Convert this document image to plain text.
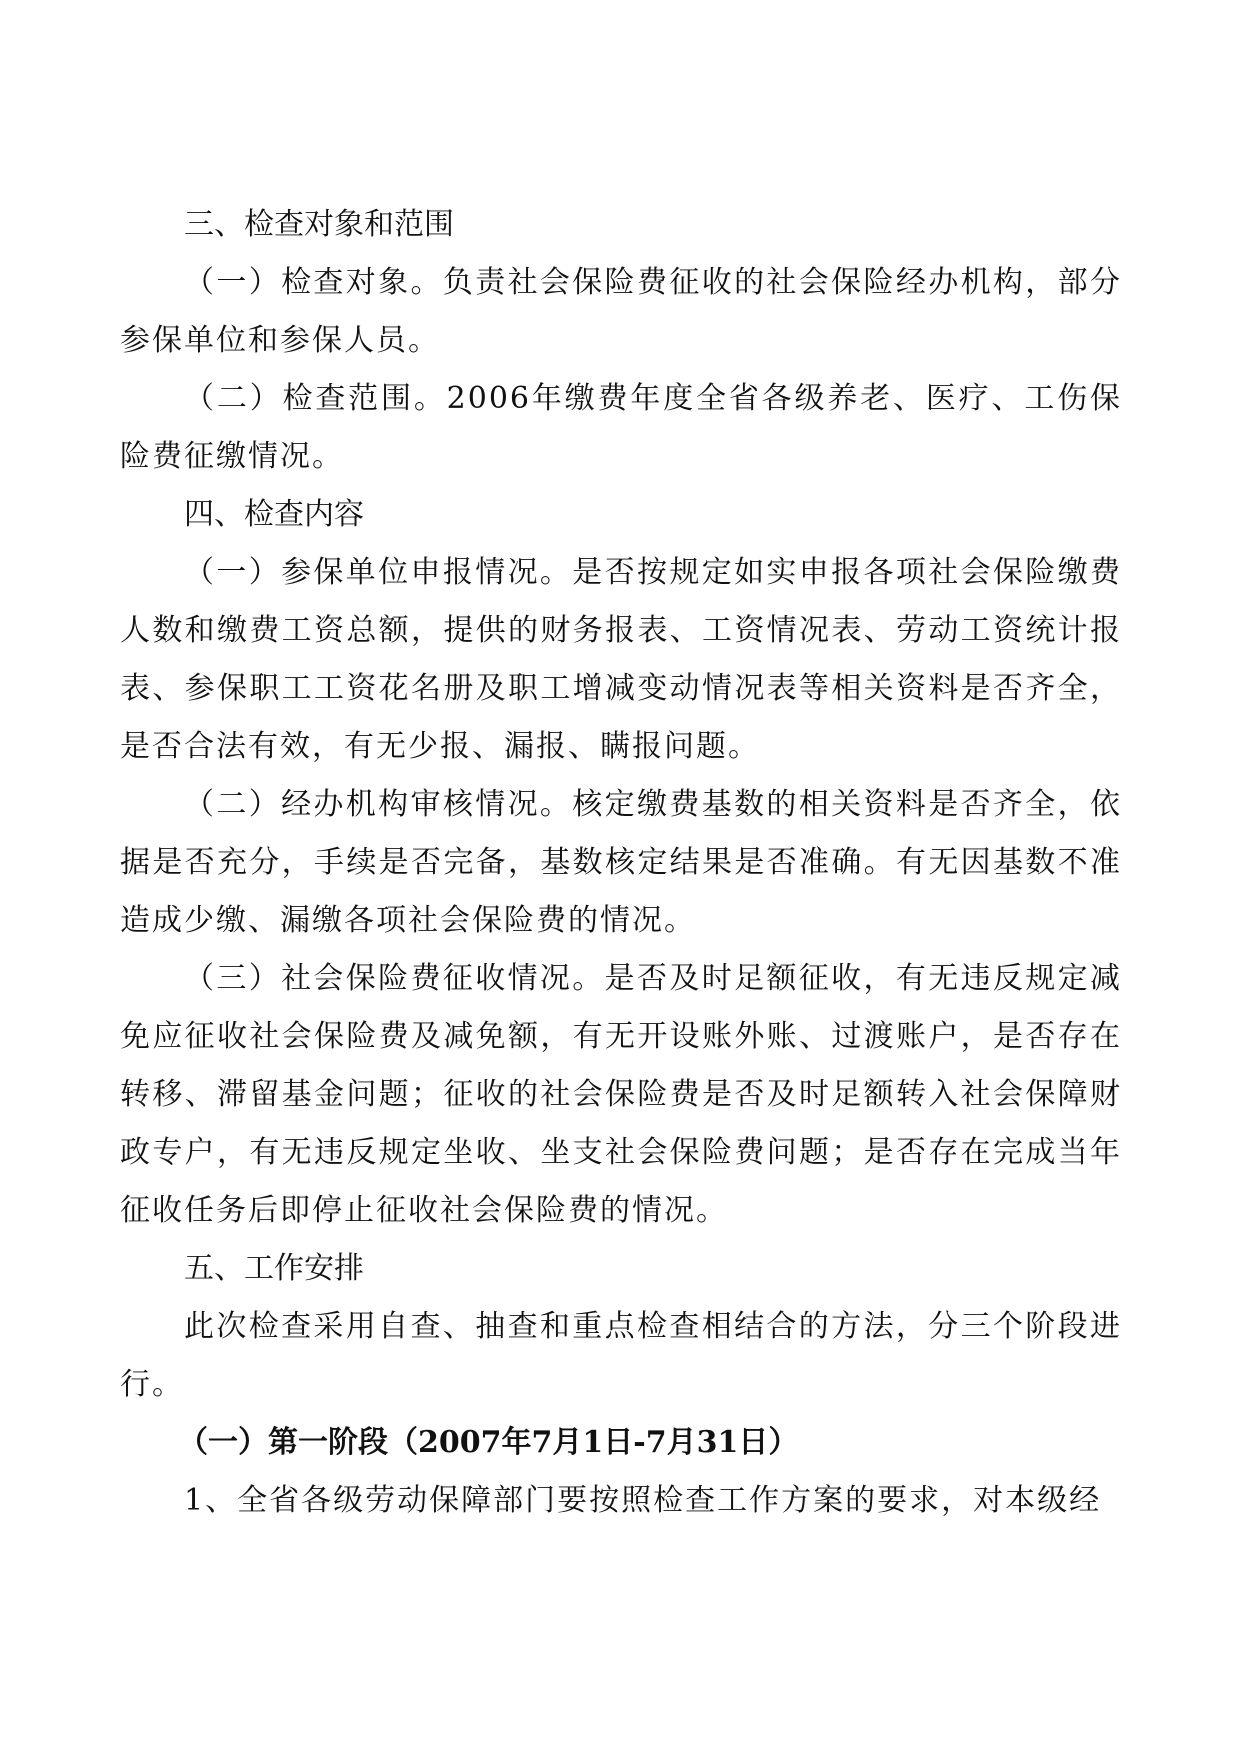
三、检查对象和范围

（一）检查对象。负责社会保险费征收的社会保险经办机构，部分参保单位和参保人员。

（二）检查范围。2006年缴费年度全省各级养老、医疗、工伤保险费征缴情况。

四、检查内容

（一）参保单位申报情况。是否按规定如实申报各项社会保险缴费人数和缴费工资总额，提供的财务报表、工资情况表、劳动工资统计报表、参保职工工资花名册及职工增减变动情况表等相关资料是否齐全，是否合法有效，有无少报、漏报、瞒报问题。

（二）经办机构审核情况。核定缴费基数的相关资料是否齐全，依据是否充分，手续是否完备，基数核定结果是否准确。有无因基数不准造成少缴、漏缴各项社会保险费的情况。

（三）社会保险费征收情况。是否及时足额征收，有无违反规定减免应征收社会保险费及减免额，有无开设账外账、过渡账户，是否存在转移、滞留基金问题；征收的社会保险费是否及时足额转入社会保障财政专户，有无违反规定坐收、坐支社会保险费问题；是否存在完成当年征收任务后即停止征收社会保险费的情况。

五、工作安排

此次检查采用自查、抽查和重点检查相结合的方法，分三个阶段进行。

（一）第一阶段（2007年7月1日-7月31日）

1、全省各级劳动保障部门要按照检查工作方案的要求，对本级经
